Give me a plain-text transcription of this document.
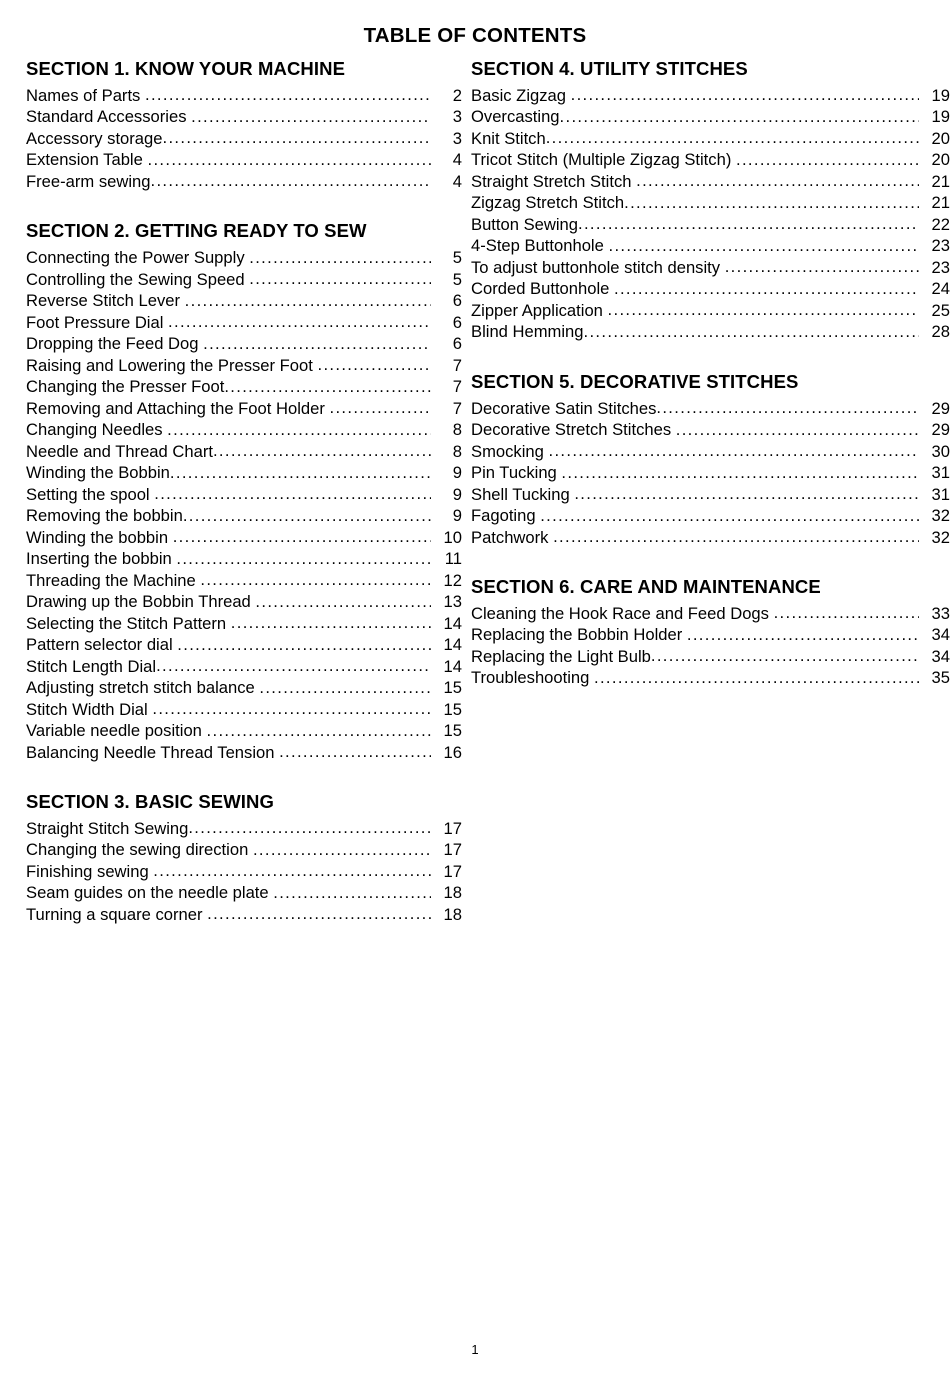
TABLE OF CONTENTS
SECTION 1. KNOW YOUR MACHINE
Names of Parts .....	2
Standard Accessories .....	3
Accessory storage .....	3
Extension Table .....	4
Free-arm sewing .....	4
SECTION 2. GETTING READY TO SEW
Connecting the Power Supply .....	5
Controlling the Sewing Speed .....	5
Reverse Stitch Lever .....	6
Foot Pressure Dial .....	6
Dropping the Feed Dog .....	6
Raising and Lowering the Presser Foot .....	7
Changing the Presser Foot .....	7
Removing and Attaching the Foot Holder .....	7
Changing Needles .....	8
Needle and Thread Chart .....	8
Winding the Bobbin .....	9
Setting the spool .....	9
Removing the bobbin .....	9
Winding the bobbin .....	10
Inserting the bobbin .....	11
Threading the Machine .....	12
Drawing up the Bobbin Thread .....	13
Selecting the Stitch Pattern .....	14
Pattern selector dial .....	14
Stitch Length Dial .....	14
Adjusting stretch stitch balance .....	15
Stitch Width Dial .....	15
Variable needle position .....	15
Balancing Needle Thread Tension .....	16
SECTION 3. BASIC SEWING
Straight Stitch Sewing .....	17
Changing the sewing direction .....	17
Finishing sewing .....	17
Seam guides on the needle plate .....	18
Turning a square corner .....	18
SECTION 4. UTILITY STITCHES
Basic Zigzag .....	19
Overcasting .....	19
Knit Stitch .....	20
Tricot Stitch (Multiple Zigzag Stitch) .....	20
Straight Stretch Stitch .....	21
Zigzag Stretch Stitch .....	21
Button Sewing .....	22
4-Step Buttonhole .....	23
To adjust buttonhole stitch density .....	23
Corded Buttonhole .....	24
Zipper Application .....	25
Blind Hemming .....	28
SECTION 5. DECORATIVE STITCHES
Decorative Satin Stitches .....	29
Decorative Stretch Stitches .....	29
Smocking .....	30
Pin Tucking .....	31
Shell Tucking .....	31
Fagoting .....	32
Patchwork .....	32
SECTION 6. CARE AND MAINTENANCE
Cleaning the Hook Race and Feed Dogs .....	33
Replacing the Bobbin Holder .....	34
Replacing the Light Bulb .....	34
Troubleshooting .....	35
1
